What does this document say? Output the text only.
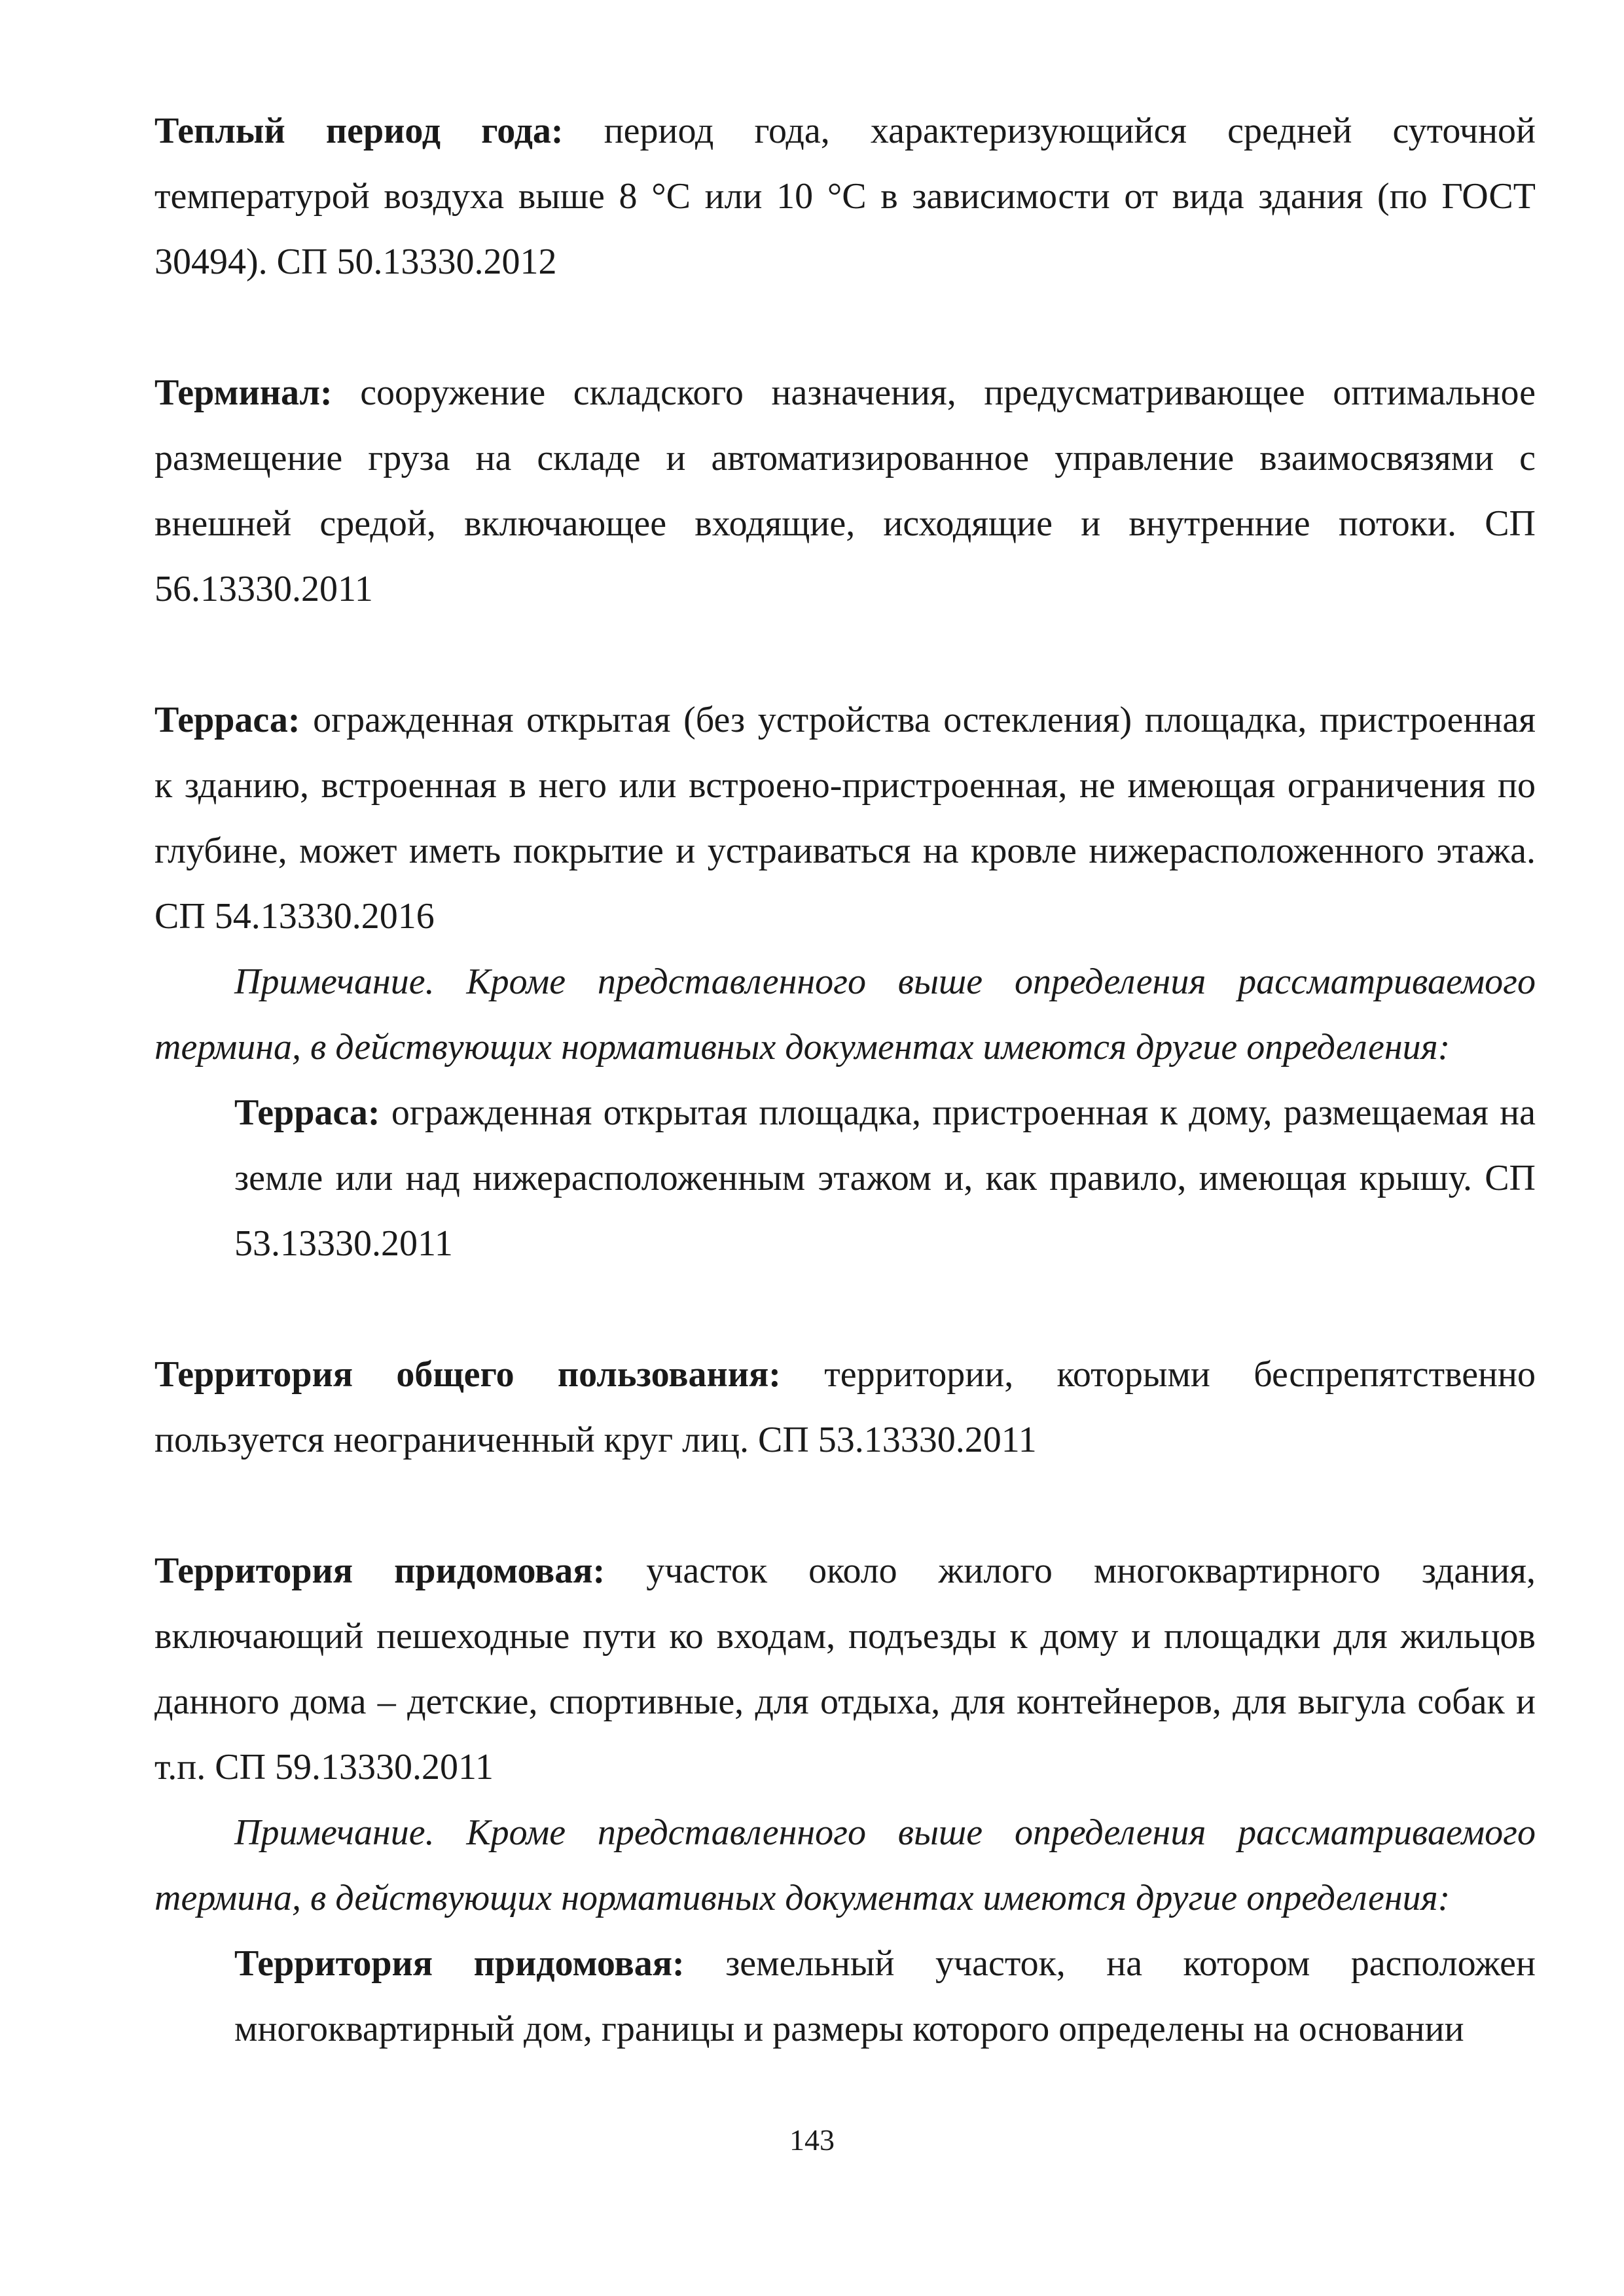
Теплый период года: период года, характеризующийся средней суточной температурой воздуха выше 8 °С или 10 °С в зависимости от вида здания (по ГОСТ 30494). СП 50.13330.2012

Терминал: сооружение складского назначения, предусматривающее оптимальное размещение груза на складе и автоматизированное управление взаимосвязями с внешней средой, включающее входящие, исходящие и внутренние потоки. СП 56.13330.2011

Терраса: огражденная открытая (без устройства остекления) площадка, пристроенная к зданию, встроенная в него или встроено-пристроенная, не имеющая ограничения по глубине, может иметь покрытие и устраиваться на кровле нижерасположенного этажа. СП 54.13330.2016

Примечание. Кроме представленного выше определения рассматриваемого термина, в действующих нормативных документах имеются другие определения:

Терраса: огражденная открытая площадка, пристроенная к дому, размещаемая на земле или над нижерасположенным этажом и, как правило, имеющая крышу. СП 53.13330.2011

Территория общего пользования: территории, которыми беспрепятственно пользуется неограниченный круг лиц. СП 53.13330.2011

Территория придомовая: участок около жилого многоквартирного здания, включающий пешеходные пути ко входам, подъезды к дому и площадки для жильцов данного дома – детские, спортивные, для отдыха, для контейнеров, для выгула собак и т.п. СП 59.13330.2011

Примечание. Кроме представленного выше определения рассматриваемого термина, в действующих нормативных документах имеются другие определения:

Территория придомовая: земельный участок, на котором расположен многоквартирный дом, границы и размеры которого определены на основании

143
